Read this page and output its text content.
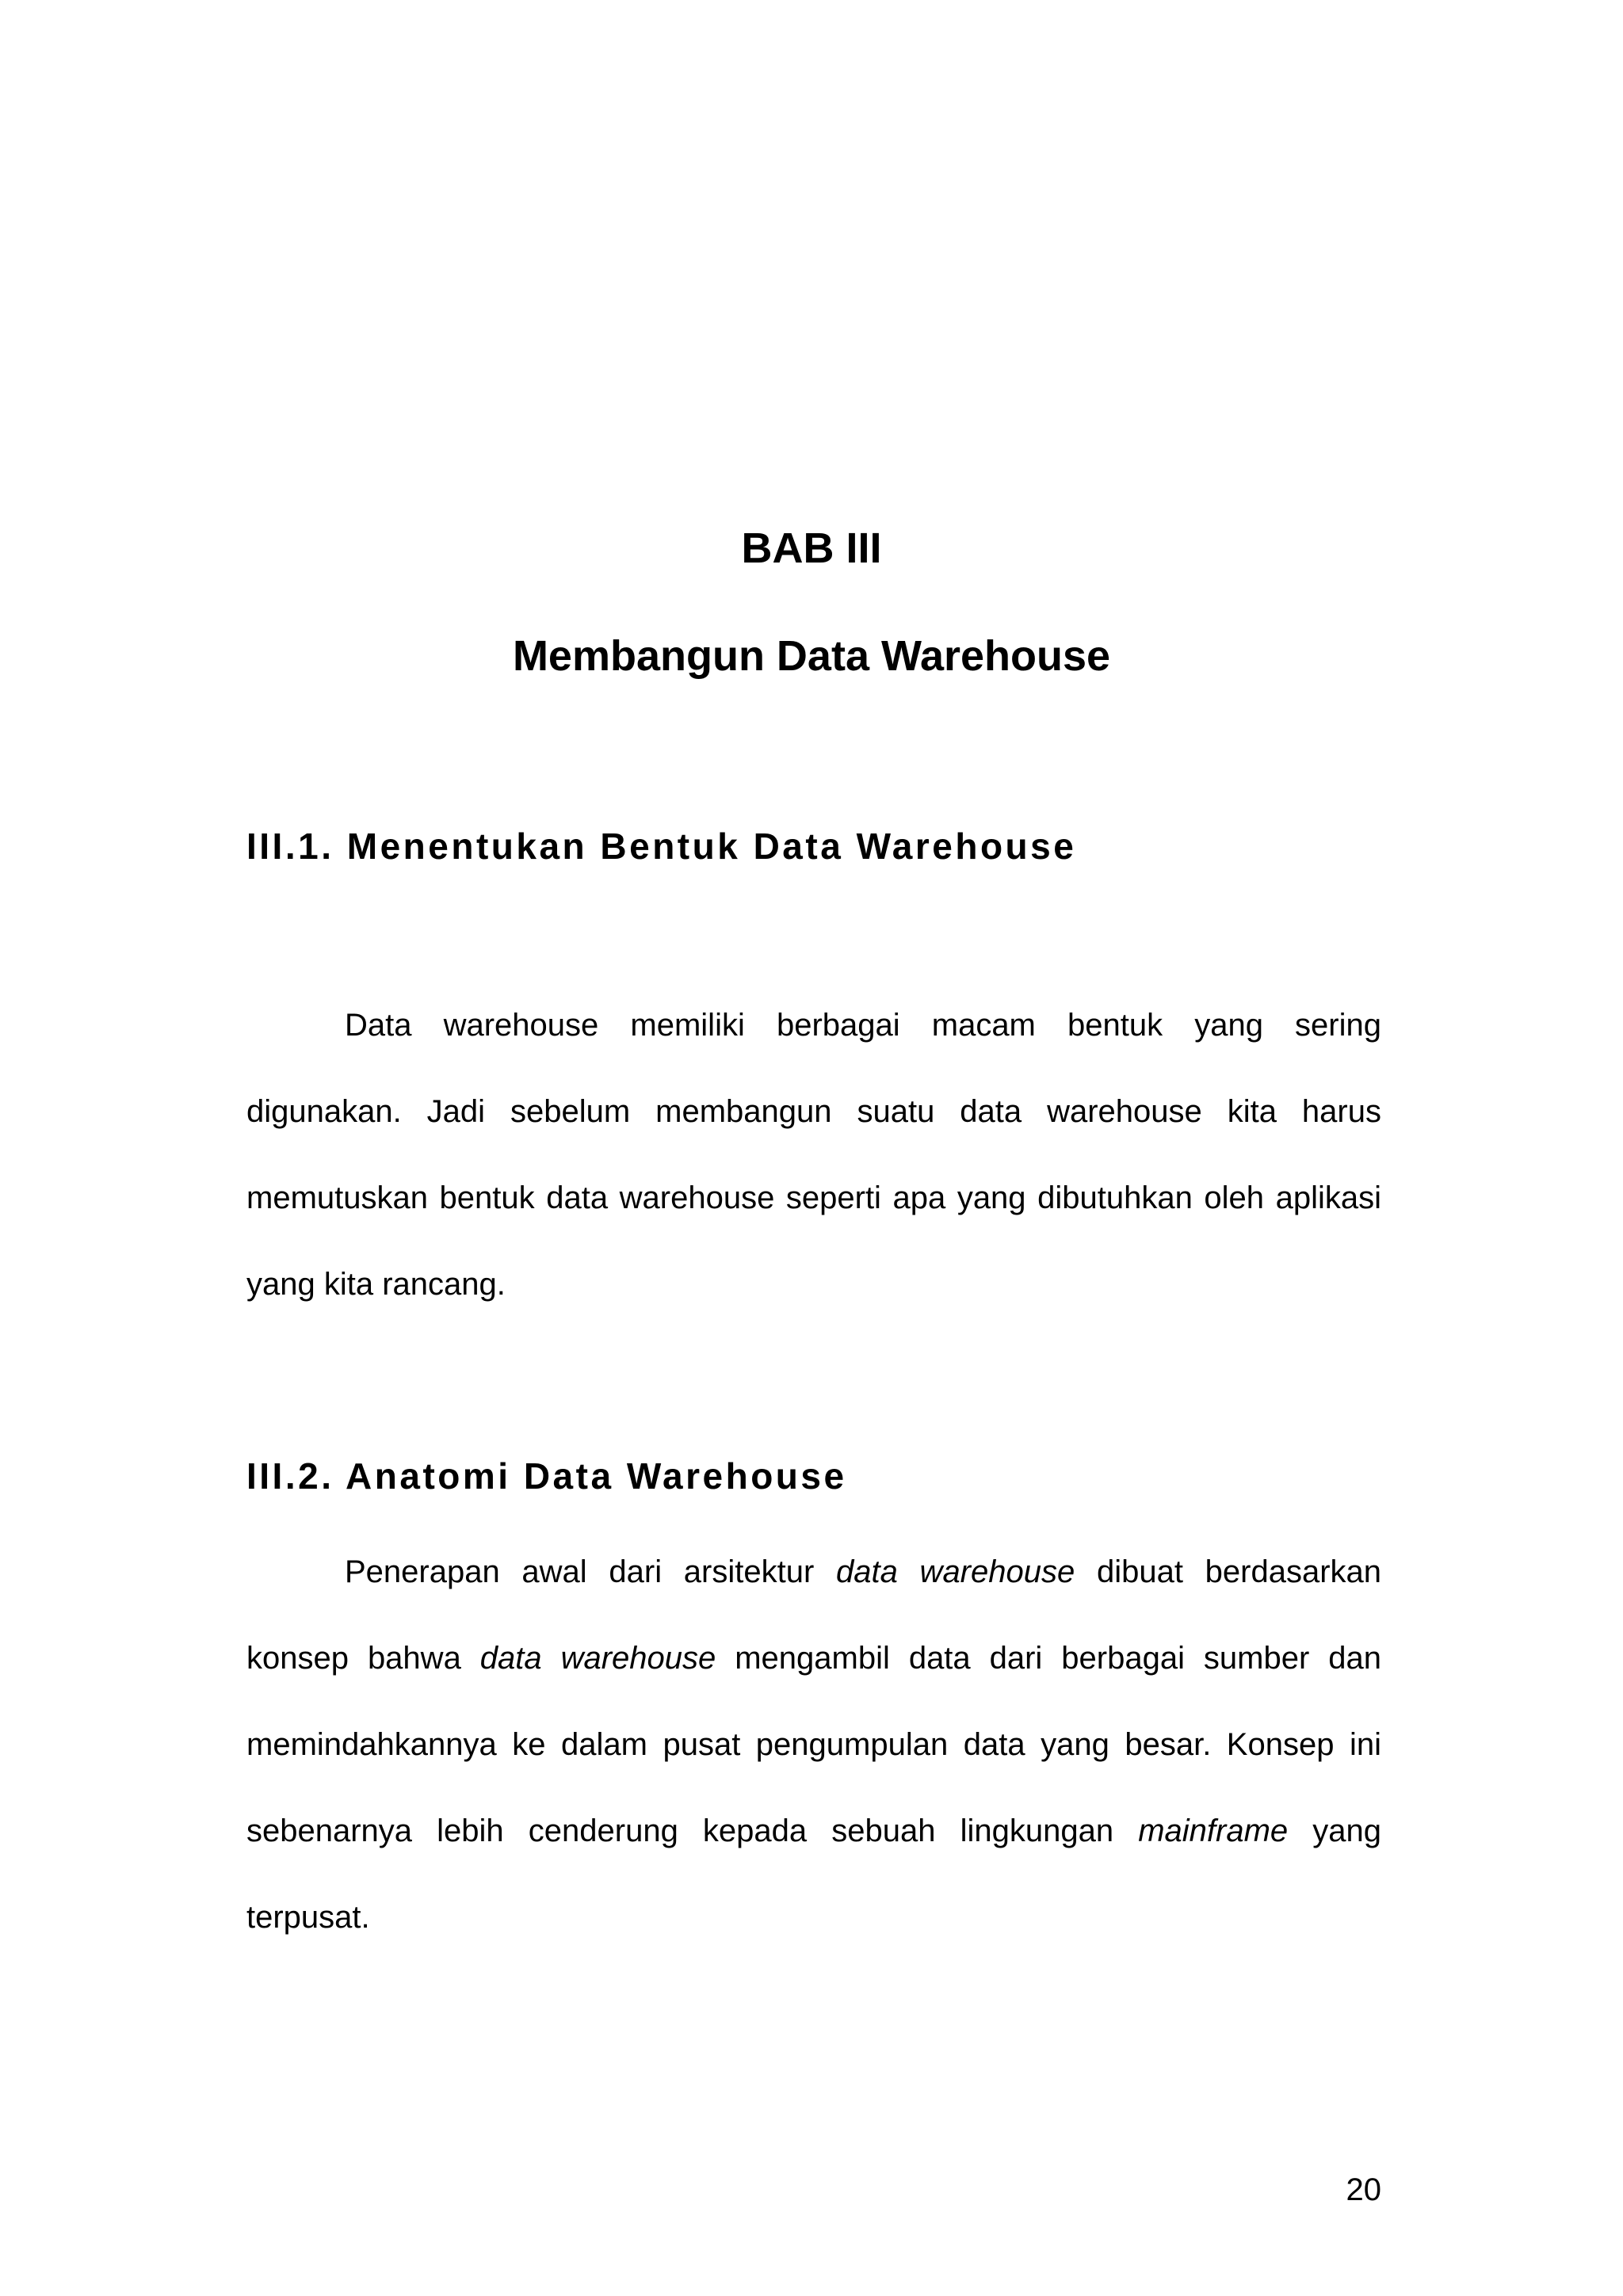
BAB III
Membangun Data Warehouse
III.1. Menentukan Bentuk Data Warehouse

Data warehouse memiliki berbagai macam bentuk yang sering digunakan. Jadi sebelum membangun suatu data warehouse kita harus memutuskan bentuk data warehouse seperti apa yang dibutuhkan oleh aplikasi yang kita rancang.

III.2. Anatomi Data Warehouse

Penerapan awal dari arsitektur data warehouse dibuat berdasarkan konsep bahwa data warehouse mengambil data dari berbagai sumber dan memindahkannya ke dalam pusat pengumpulan data yang besar. Konsep ini sebenarnya lebih cenderung kepada sebuah lingkungan mainframe yang terpusat.

20
